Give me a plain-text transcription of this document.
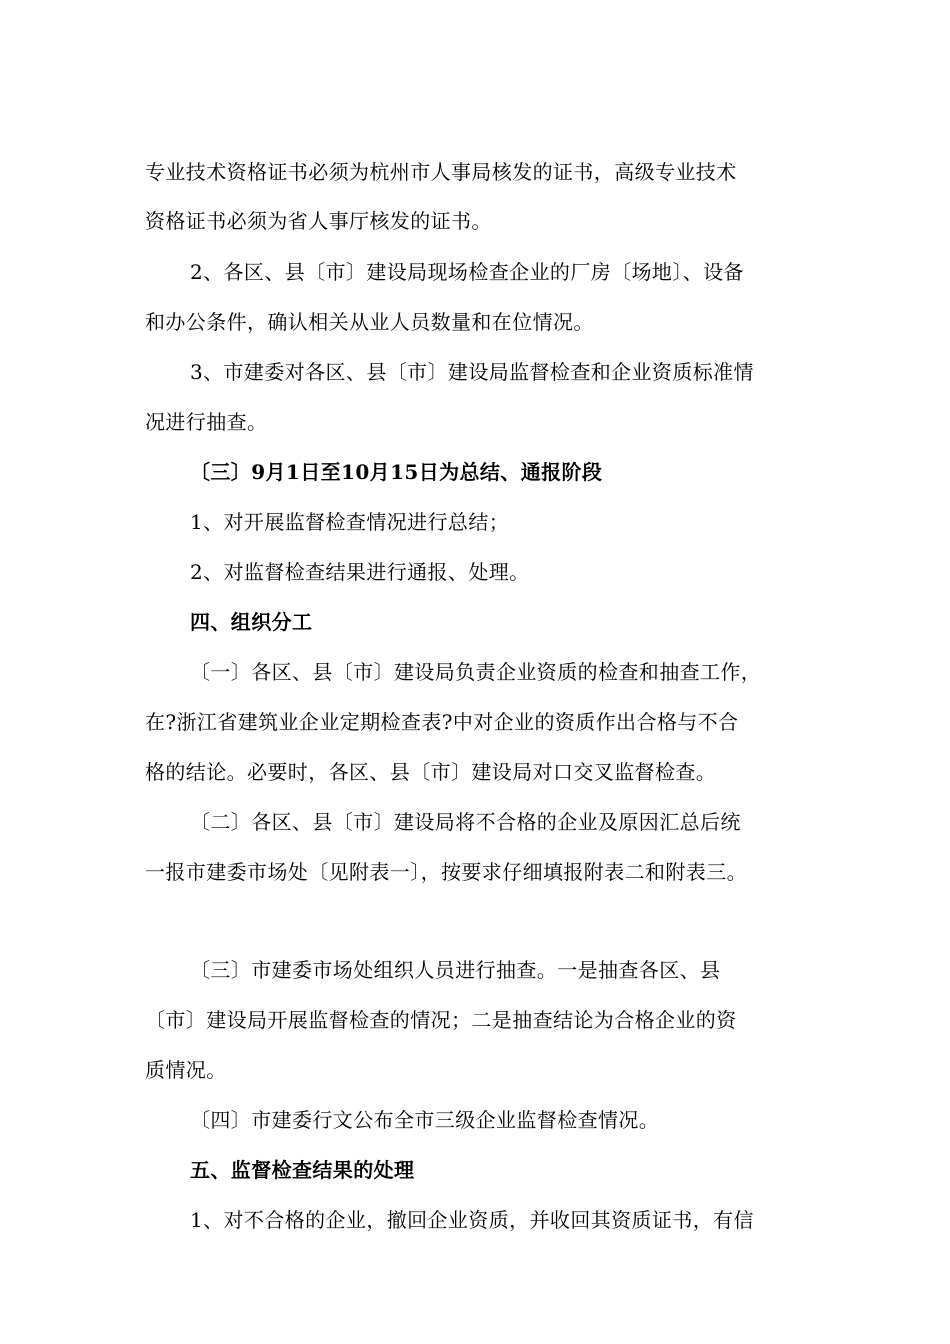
专业技术资格证书必须为杭州市人事局核发的证书，高级专业技术
资格证书必须为省人事厅核发的证书。
2、各区、县〔市〕建设局现场检查企业的厂房〔场地〕、设备
和办公条件，确认相关从业人员数量和在位情况。
3、市建委对各区、县〔市〕建设局监督检查和企业资质标准情
况进行抽查。
〔三〕9月1日至10月15日为总结、通报阶段
1、对开展监督检查情况进行总结；
2、对监督检查结果进行通报、处理。
四、组织分工
〔一〕各区、县〔市〕建设局负责企业资质的检查和抽查工作，
在?浙江省建筑业企业定期检查表?中对企业的资质作出合格与不合
格的结论。必要时，各区、县〔市〕建设局对口交叉监督检查。
〔二〕各区、县〔市〕建设局将不合格的企业及原因汇总后统
一报市建委市场处〔见附表一〕，按要求仔细填报附表二和附表三。
〔三〕市建委市场处组织人员进行抽查。一是抽查各区、县
〔市〕建设局开展监督检查的情况；二是抽查结论为合格企业的资
质情况。
〔四〕市建委行文公布全市三级企业监督检查情况。
五、监督检查结果的处理
1、对不合格的企业，撤回企业资质，并收回其资质证书，有信
